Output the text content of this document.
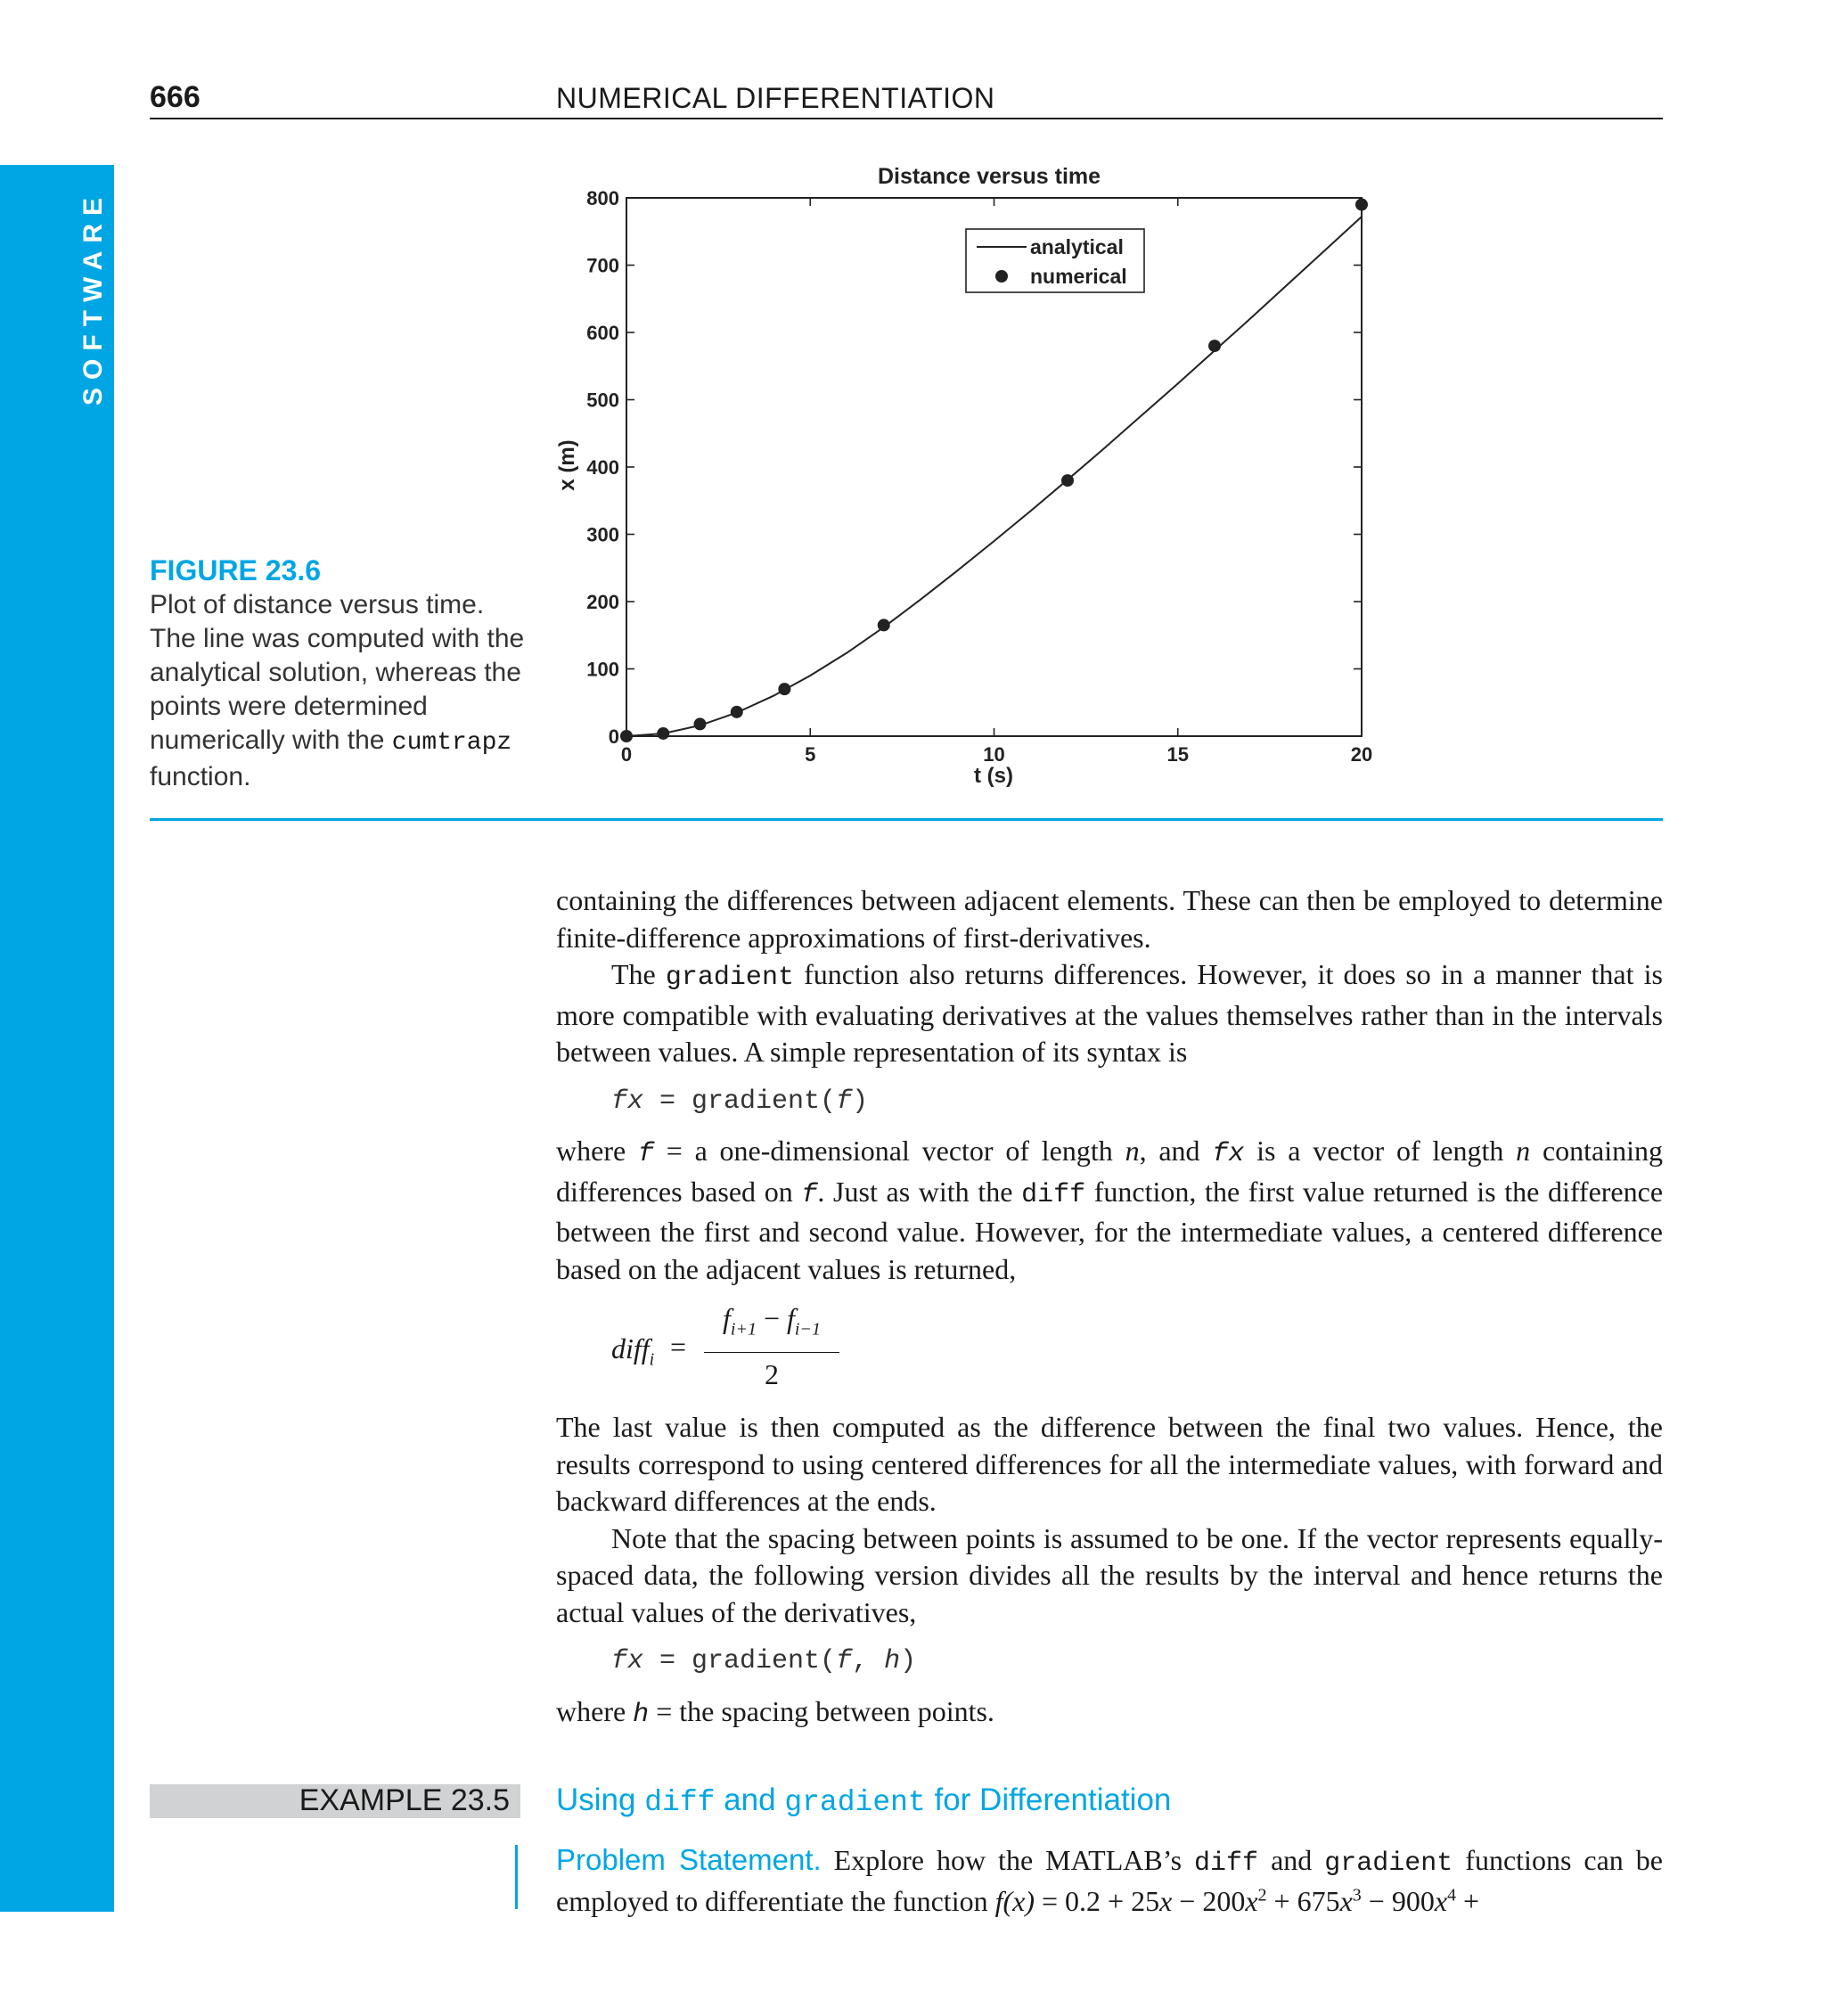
SOFTWARE
666	NUMERICAL DIFFERENTIATION
Distance versus time
0
100
200
300
400
500
600
700
800
0	5	10	15	20
t (s)
x (m)
analytical
numerical
FIGURE 23.6
Plot of distance versus time. The line was computed with the analytical solution, whereas the points were determined numerically with the cumtrapz function.

containing the differences between adjacent elements. These can then be employed to determine finite-difference approximations of first-derivatives.

The gradient function also returns differences. However, it does so in a manner that is more compatible with evaluating derivatives at the values themselves rather than in the intervals between values. A simple representation of its syntax is

fx = gradient(f)

where f = a one-dimensional vector of length n, and fx is a vector of length n containing differences based on f. Just as with the diff function, the first value returned is the difference between the first and second value. However, for the intermediate values, a centered difference based on the adjacent values is returned,

diff$_i$ = $\frac{f_{i+1} - f_{i-1}}{2}$

The last value is then computed as the difference between the final two values. Hence, the results correspond to using centered differences for all the intermediate values, with forward and backward differences at the ends.

Note that the spacing between points is assumed to be one. If the vector represents equally-spaced data, the following version divides all the results by the interval and hence returns the actual values of the derivatives,

fx = gradient(f, h)

where h = the spacing between points.

EXAMPLE 23.5 Using diff and gradient for Differentiation
Problem Statement. Explore how the MATLAB’s diff and gradient functions can be employed to differentiate the function $f(x) = 0.2 + 25x - 200x^2 + 675x^3 - 900x^4$ +
